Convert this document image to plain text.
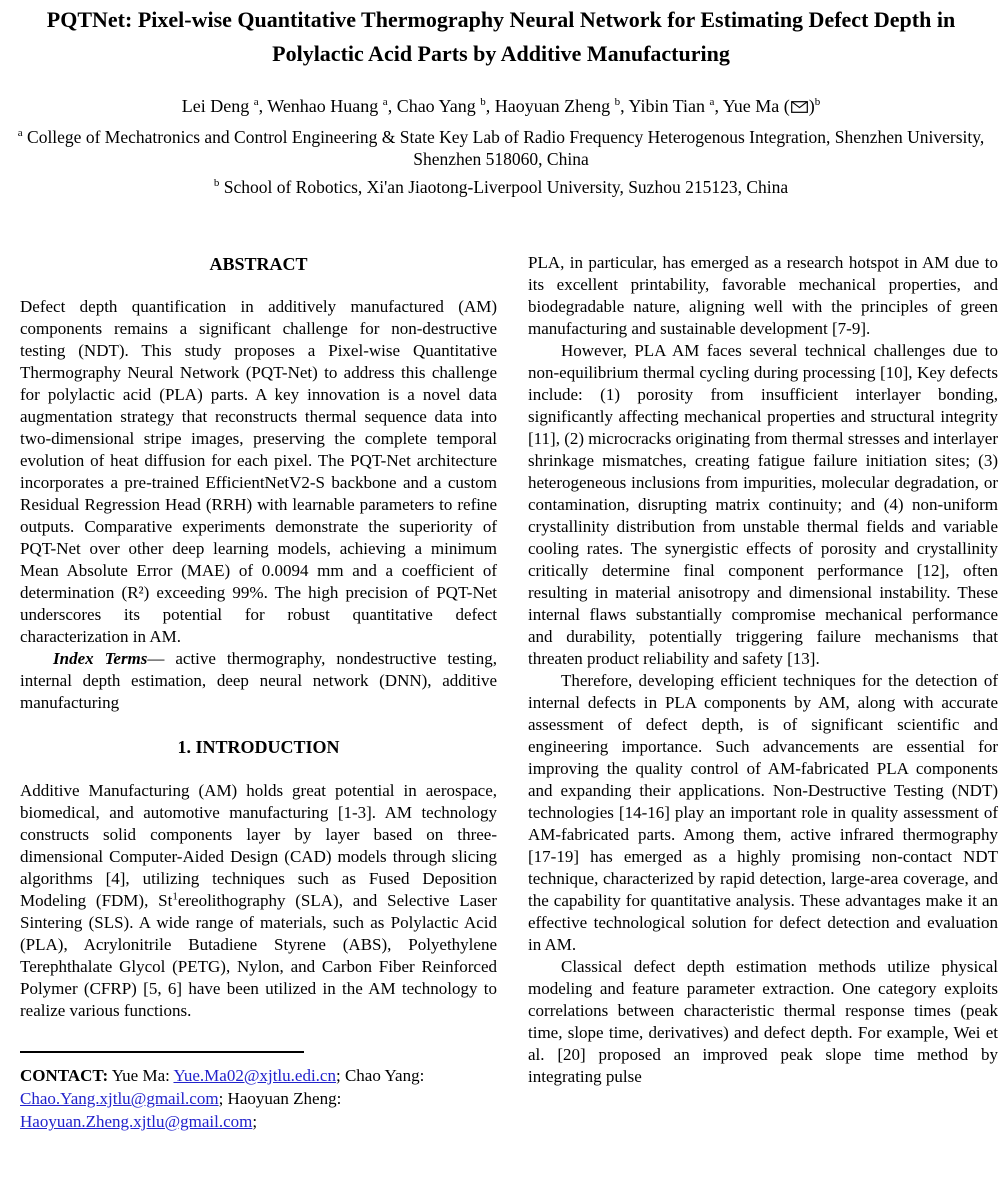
PQTNet: Pixel-wise Quantitative Thermography Neural Network for Estimating Defect Depth in
Polylactic Acid Parts by Additive Manufacturing
Lei Deng $^a$, Wenhao Huang $^a$, Chao Yang $^b$, Haoyuan Zheng $^b$, Yibin Tian $^a$, Yue Ma ( )$^b$
$^a$ College of Mechatronics and Control Engineering & State Key Lab of Radio Frequency Heterogenous Integration, Shenzhen University, Shenzhen 518060, China
$^b$ School of Robotics, Xi'an Jiaotong-Liverpool University, Suzhou 215123, China
ABSTRACT

Defect depth quantification in additively manufactured (AM) components remains a significant challenge for non-destructive testing (NDT). This study proposes a Pixel-wise Quantitative Thermography Neural Network (PQT-Net) to address this challenge for polylactic acid (PLA) parts. A key innovation is a novel data augmentation strategy that reconstructs thermal sequence data into two-dimensional stripe images, preserving the complete temporal evolution of heat diffusion for each pixel. The PQT-Net architecture incorporates a pre-trained EfficientNetV2-S backbone and a custom Residual Regression Head (RRH) with learnable parameters to refine outputs. Comparative experiments demonstrate the superiority of PQT-Net over other deep learning models, achieving a minimum Mean Absolute Error (MAE) of 0.0094 mm and a coefficient of determination (R²) exceeding 99%. The high precision of PQT-Net underscores its potential for robust quantitative defect characterization in AM.

Index Terms— active thermography, nondestructive testing, internal depth estimation, deep neural network (DNN), additive manufacturing

1. INTRODUCTION

Additive Manufacturing (AM) holds great potential in aerospace, biomedical, and automotive manufacturing [1-3]. AM technology constructs solid components layer by layer based on three-dimensional Computer-Aided Design (CAD) models through slicing algorithms [4], utilizing techniques such as Fused Deposition Modeling (FDM), St$^1$ereolithography (SLA), and Selective Laser Sintering (SLS). A wide range of materials, such as Polylactic Acid (PLA), Acrylonitrile Butadiene Styrene (ABS), Polyethylene Terephthalate Glycol (PETG), Nylon, and Carbon Fiber Reinforced Polymer (CFRP) [5, 6] have been utilized in the AM technology to realize various functions.

CONTACT: Yue Ma: Yue.Ma02@xjtlu.edi.cn; Chao Yang: Chao.Yang.xjtlu@gmail.com; Haoyuan Zheng: Haoyuan.Zheng.xjtlu@gmail.com;

PLA, in particular, has emerged as a research hotspot in AM due to its excellent printability, favorable mechanical properties, and biodegradable nature, aligning well with the principles of green manufacturing and sustainable development [7-9].

However, PLA AM faces several technical challenges due to non-equilibrium thermal cycling during processing [10], Key defects include: (1) porosity from insufficient interlayer bonding, significantly affecting mechanical properties and structural integrity [11], (2) microcracks originating from thermal stresses and interlayer shrinkage mismatches, creating fatigue failure initiation sites; (3) heterogeneous inclusions from impurities, molecular degradation, or contamination, disrupting matrix continuity; and (4) non-uniform crystallinity distribution from unstable thermal fields and variable cooling rates. The synergistic effects of porosity and crystallinity critically determine final component performance [12], often resulting in material anisotropy and dimensional instability. These internal flaws substantially compromise mechanical performance and durability, potentially triggering failure mechanisms that threaten product reliability and safety [13].

Therefore, developing efficient techniques for the detection of internal defects in PLA components by AM, along with accurate assessment of defect depth, is of significant scientific and engineering importance. Such advancements are essential for improving the quality control of AM-fabricated PLA components and expanding their applications. Non-Destructive Testing (NDT) technologies [14-16] play an important role in quality assessment of AM-fabricated parts. Among them, active infrared thermography [17-19] has emerged as a highly promising non-contact NDT technique, characterized by rapid detection, large-area coverage, and the capability for quantitative analysis. These advantages make it an effective technological solution for defect detection and evaluation in AM.

Classical defect depth estimation methods utilize physical modeling and feature parameter extraction. One category exploits correlations between characteristic thermal response times (peak time, slope time, derivatives) and defect depth. For example, Wei et al. [20] proposed an improved peak slope time method by integrating pulse
